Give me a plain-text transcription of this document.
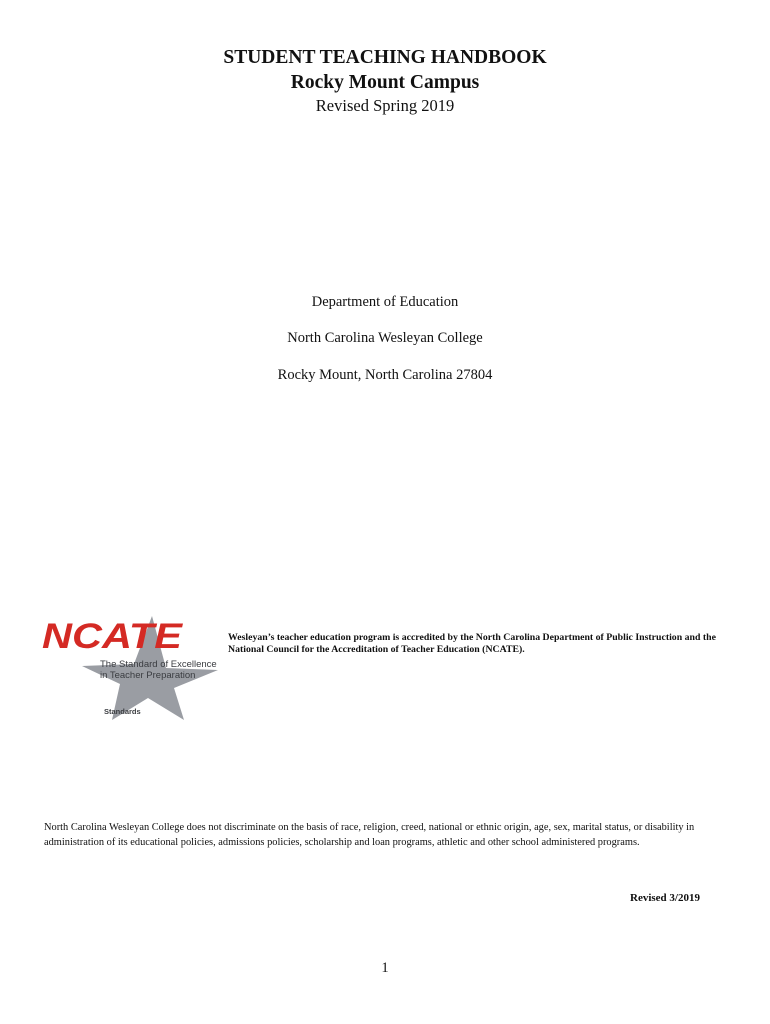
STUDENT TEACHING HANDBOOK
Rocky Mount Campus
Revised Spring 2019
Department of Education
North Carolina Wesleyan College
Rocky Mount, North Carolina 27804
NCATE
The Standard of Excellence
in Teacher Preparation
Standards
Wesleyan’s teacher education program is accredited by the North Carolina Department of Public Instruction and the National Council for the Accreditation of Teacher Education (NCATE).
North Carolina Wesleyan College does not discriminate on the basis of race, religion, creed, national or ethnic origin, age, sex, marital status, or disability in administration of its educational policies, admissions policies, scholarship and loan programs, athletic and other school administered programs.
Revised 3/2019
1
